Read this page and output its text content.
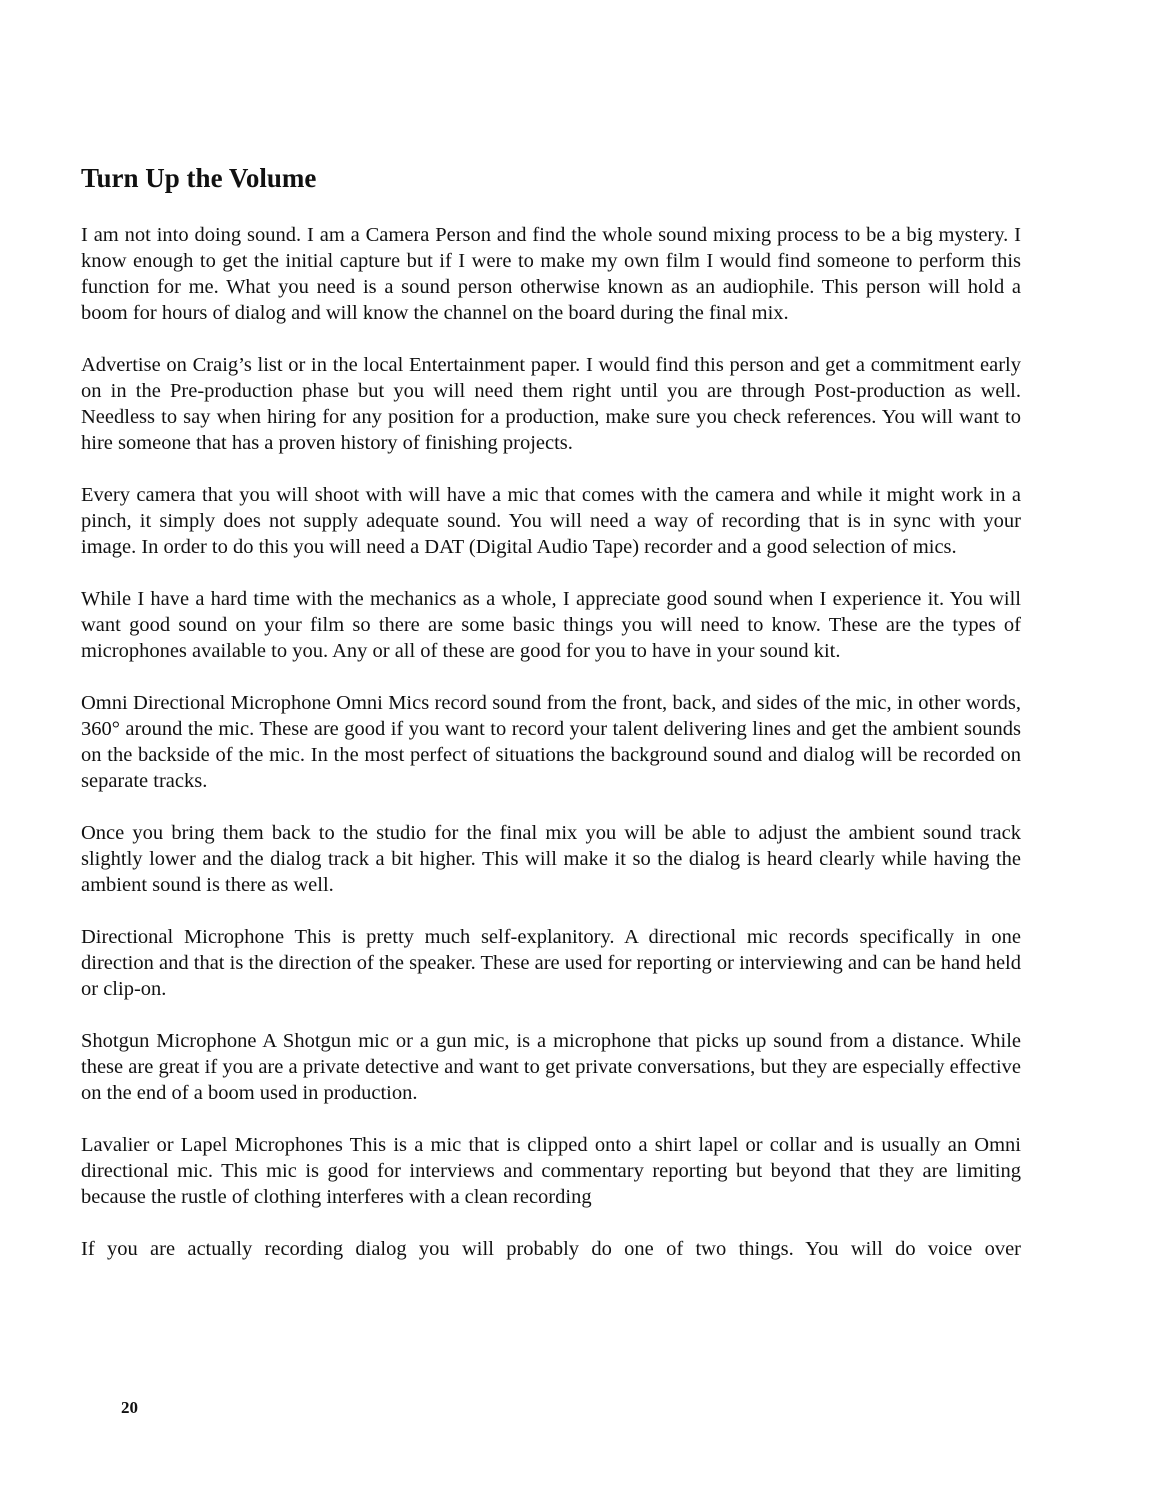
Turn Up the Volume

I am not into doing sound. I am a Camera Person and find the whole sound mixing process to be a big mystery. I know enough to get the initial capture but if I were to make my own film I would find someone to perform this function for me. What you need is a sound person otherwise known as an audiophile. This person will hold a boom for hours of dialog and will know the channel on the board during the final mix.

Advertise on Craig’s list or in the local Entertainment paper. I would find this person and get a commitment early on in the Pre-production phase but you will need them right until you are through Post-production as well. Needless to say when hiring for any position for a production, make sure you check references. You will want to hire someone that has a proven history of finishing projects.

Every camera that you will shoot with will have a mic that comes with the camera and while it might work in a pinch, it simply does not supply adequate sound. You will need a way of recording that is in sync with your image. In order to do this you will need a DAT (Digital Audio Tape) recorder and a good selection of mics.

While I have a hard time with the mechanics as a whole, I appreciate good sound when I experience it. You will want good sound on your film so there are some basic things you will need to know. These are the types of microphones available to you. Any or all of these are good for you to have in your sound kit.

Omni Directional Microphone Omni Mics record sound from the front, back, and sides of the mic, in other words, 360° around the mic. These are good if you want to record your talent delivering lines and get the ambient sounds on the backside of the mic. In the most perfect of situations the background sound and dialog will be recorded on separate tracks.

Once you bring them back to the studio for the final mix you will be able to adjust the ambient sound track slightly lower and the dialog track a bit higher. This will make it so the dialog is heard clearly while having the ambient sound is there as well.

Directional Microphone This is pretty much self-explanitory. A directional mic records specifically in one direction and that is the direction of the speaker. These are used for reporting or interviewing and can be hand held or clip-on.

Shotgun Microphone A Shotgun mic or a gun mic, is a microphone that picks up sound from a distance. While these are great if you are a private detective and want to get private conversations, but they are especially effective on the end of a boom used in production.

Lavalier or Lapel Microphones This is a mic that is clipped onto a shirt lapel or collar and is usually an Omni directional mic. This mic is good for interviews and commentary reporting but beyond that they are limiting because the rustle of clothing interferes with a clean recording

If you are actually recording dialog you will probably do one of two things. You will do voice over

20
